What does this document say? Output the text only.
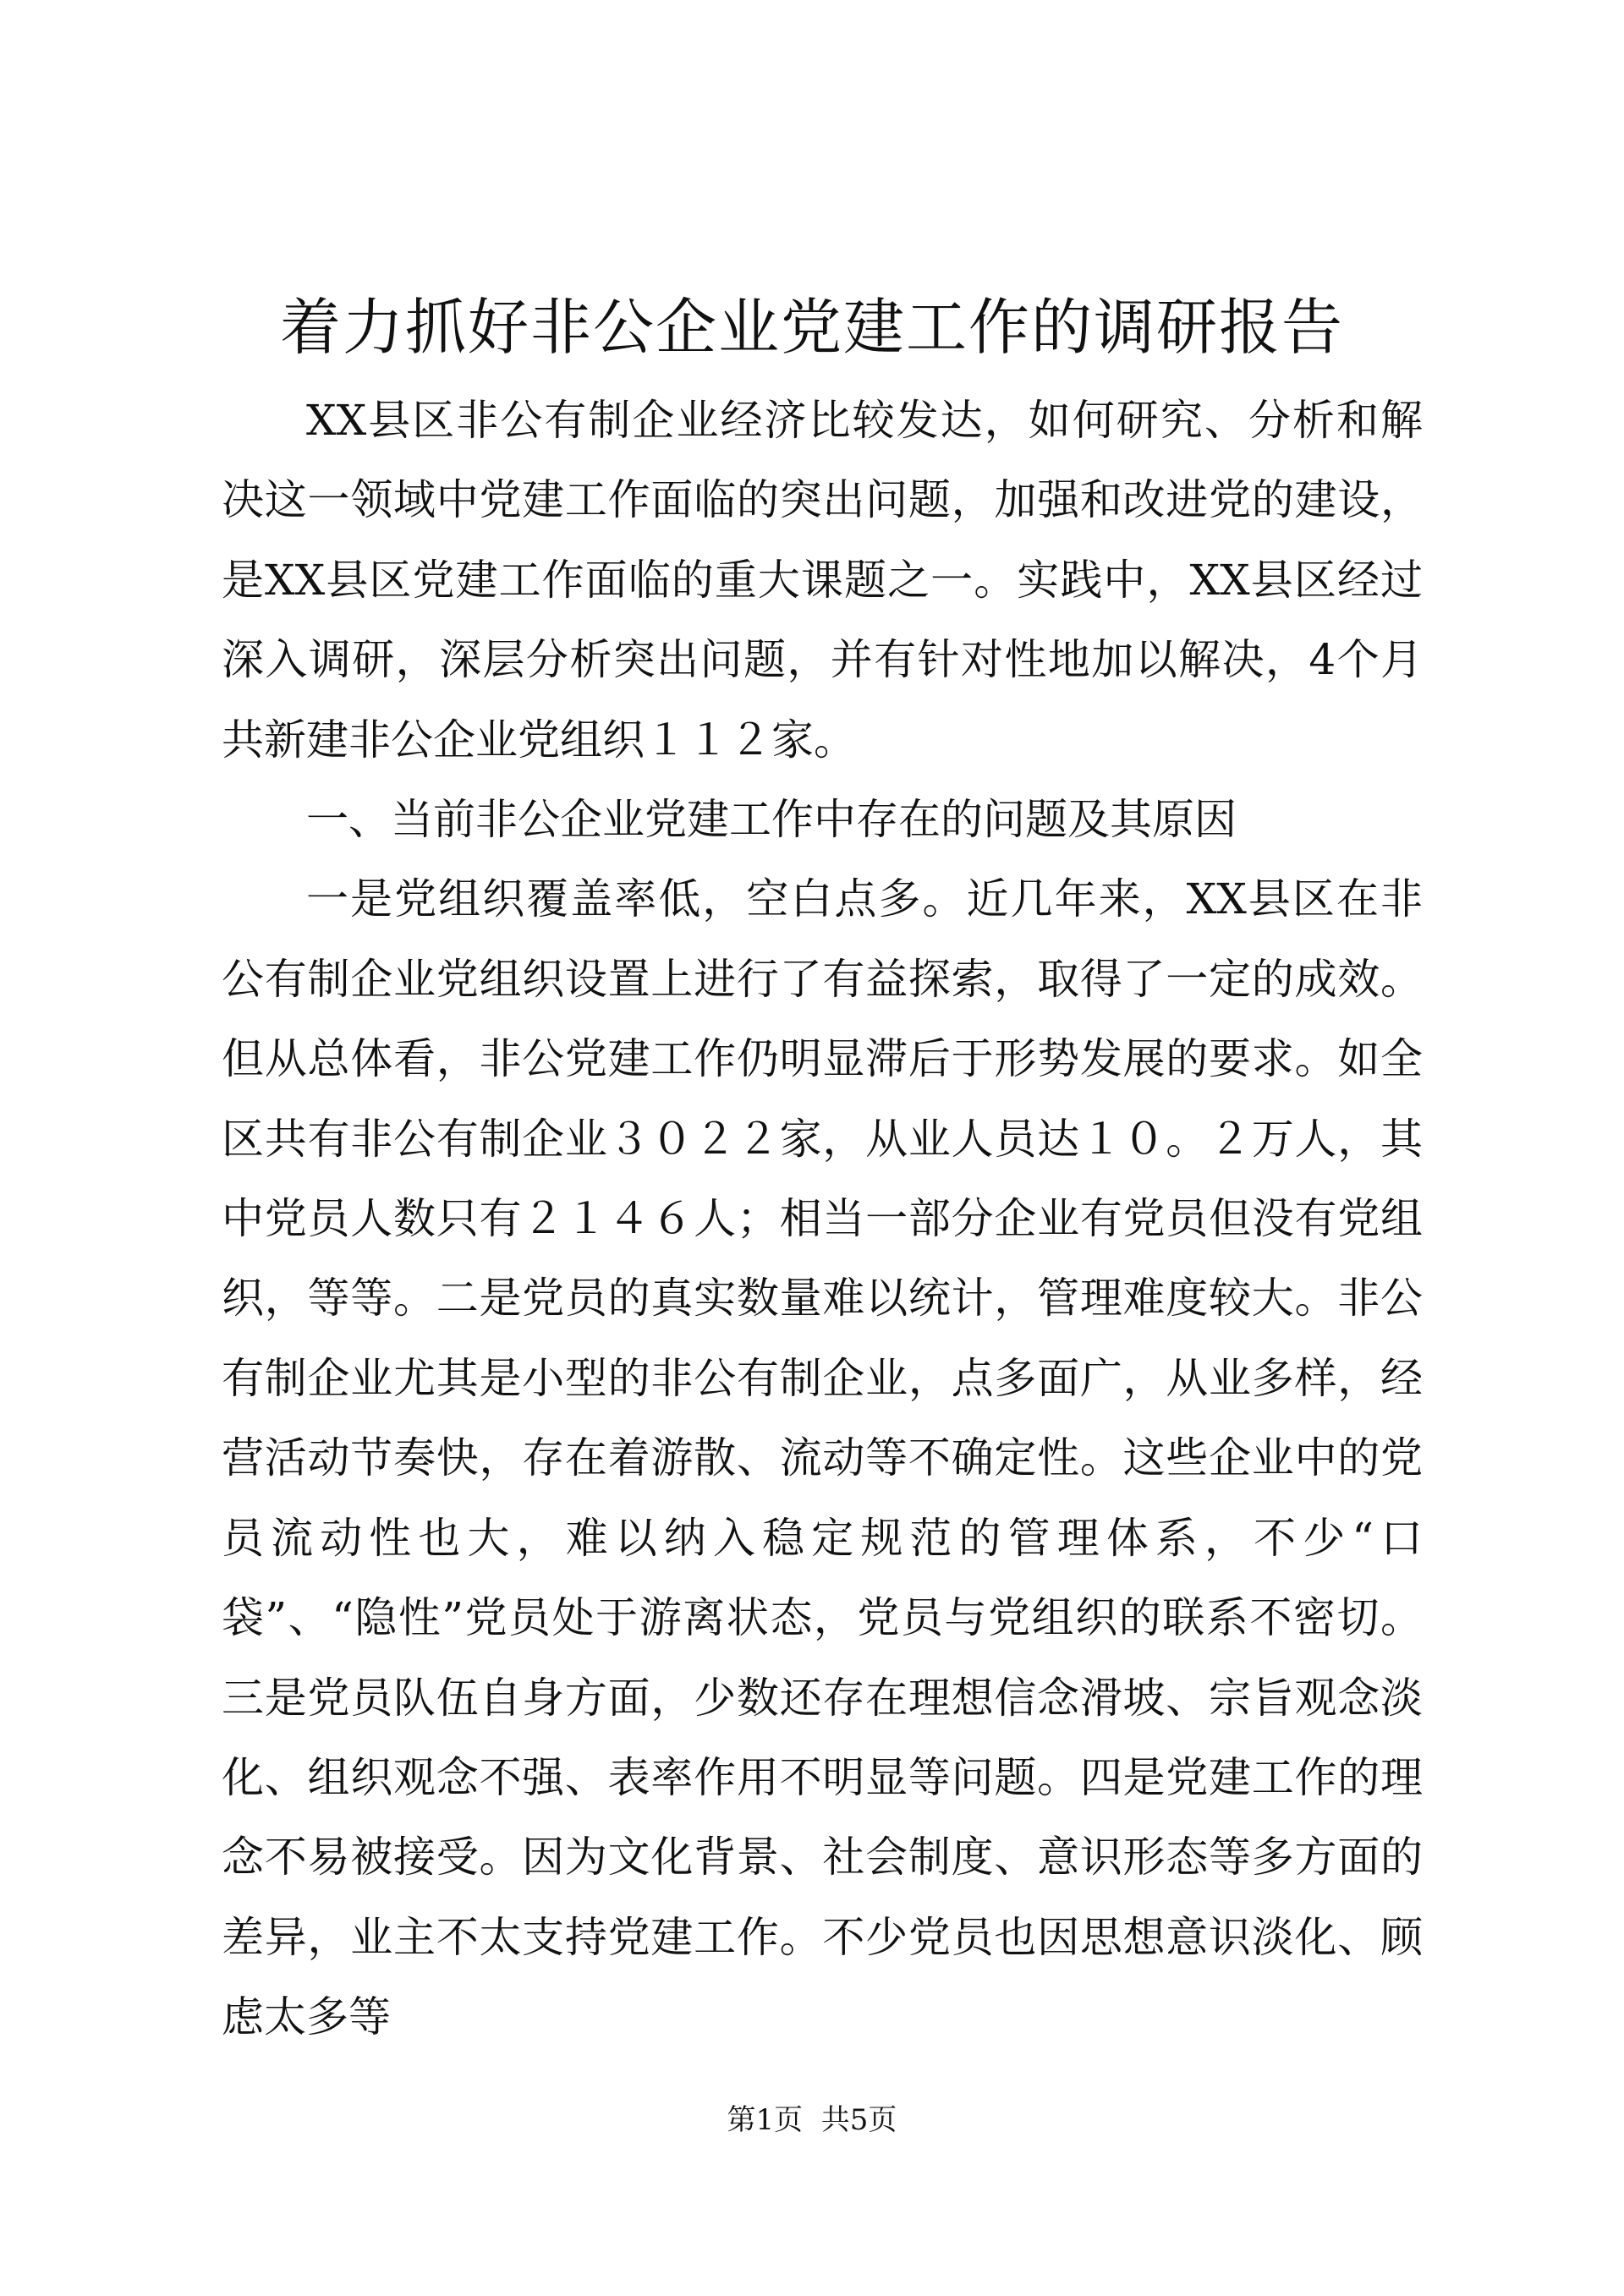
着力抓好非公企业党建工作的调研报告

XX县区非公有制企业经济比较发达，如何研究、分析和解决这一领域中党建工作面临的突出问题，加强和改进党的建设，是XX县区党建工作面临的重大课题之一。实践中，XX县区经过深入调研，深层分析突出问题，并有针对性地加以解决，4个月共新建非公企业党组织１１２家。

一、当前非公企业党建工作中存在的问题及其原因

一是党组织覆盖率低，空白点多。近几年来，XX县区在非公有制企业党组织设置上进行了有益探索，取得了一定的成效。但从总体看，非公党建工作仍明显滞后于形势发展的要求。如全区共有非公有制企业３０２２家，从业人员达１０。２万人，其中党员人数只有２１４６人；相当一部分企业有党员但没有党组织，等等。二是党员的真实数量难以统计，管理难度较大。非公有制企业尤其是小型的非公有制企业，点多面广，从业多样，经营活动节奏快，存在着游散、流动等不确定性。这些企业中的党员流动性也大，难以纳入稳定规范的管理体系，不少“口袋”、“隐性”党员处于游离状态，党员与党组织的联系不密切。三是党员队伍自身方面，少数还存在理想信念滑坡、宗旨观念淡化、组织观念不强、表率作用不明显等问题。四是党建工作的理念不易被接受。因为文化背景、社会制度、意识形态等多方面的差异，业主不太支持党建工作。不少党员也因思想意识淡化、顾虑太多等

第1页  共5页
